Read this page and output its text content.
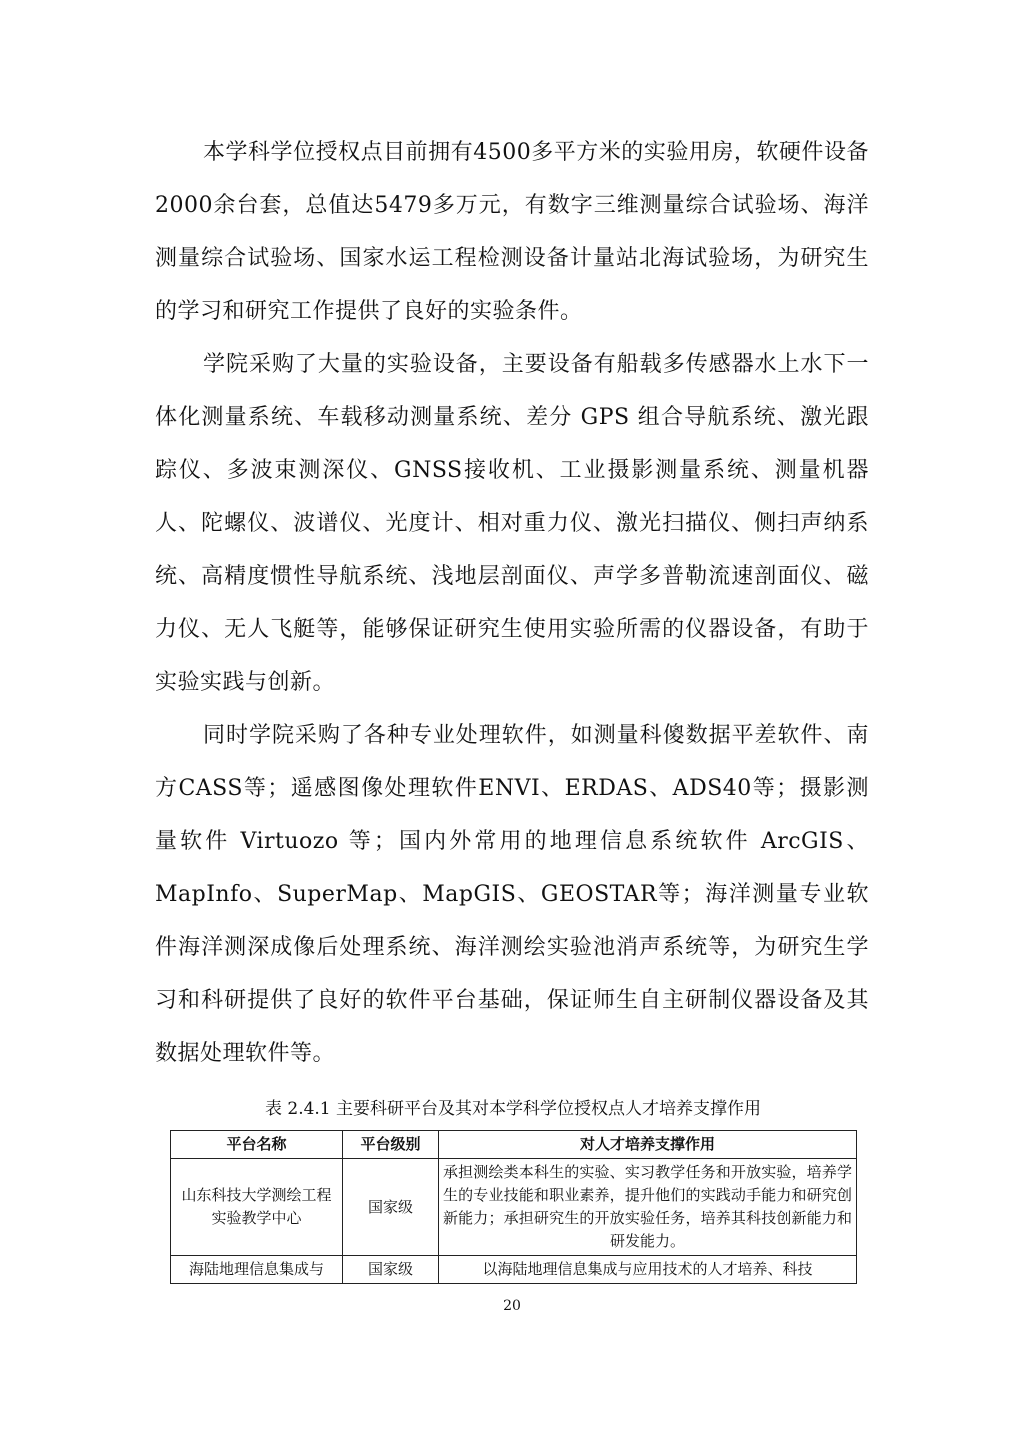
本学科学位授权点目前拥有4500多平方米的实验用房，软硬件设备2000余台套，总值达5479多万元，有数字三维测量综合试验场、海洋测量综合试验场、国家水运工程检测设备计量站北海试验场，为研究生的学习和研究工作提供了良好的实验条件。

学院采购了大量的实验设备，主要设备有船载多传感器水上水下一体化测量系统、车载移动测量系统、差分 GPS 组合导航系统、激光跟踪仪、多波束测深仪、GNSS接收机、工业摄影测量系统、测量机器人、陀螺仪、波谱仪、光度计、相对重力仪、激光扫描仪、侧扫声纳系统、高精度惯性导航系统、浅地层剖面仪、声学多普勒流速剖面仪、磁力仪、无人飞艇等，能够保证研究生使用实验所需的仪器设备，有助于实验实践与创新。

同时学院采购了各种专业处理软件，如测量科傻数据平差软件、南方CASS等；遥感图像处理软件ENVI、ERDAS、ADS40等；摄影测量软件 Virtuozo 等；国内外常用的地理信息系统软件 ArcGIS、MapInfo、SuperMap、MapGIS、GEOSTAR等；海洋测量专业软件海洋测深成像后处理系统、海洋测绘实验池消声系统等，为研究生学习和科研提供了良好的软件平台基础，保证师生自主研制仪器设备及其数据处理软件等。

表 2.4.1 主要科研平台及其对本学科学位授权点人才培养支撑作用
平台名称	平台级别	对人才培养支撑作用
山东科技大学测绘工程实验教学中心	国家级	承担测绘类本科生的实验、实习教学任务和开放实验，培养学生的专业技能和职业素养，提升他们的实践动手能力和研究创新能力；承担研究生的开放实验任务，培养其科技创新能力和研发能力。
海陆地理信息集成与	国家级	以海陆地理信息集成与应用技术的人才培养、科技
20
